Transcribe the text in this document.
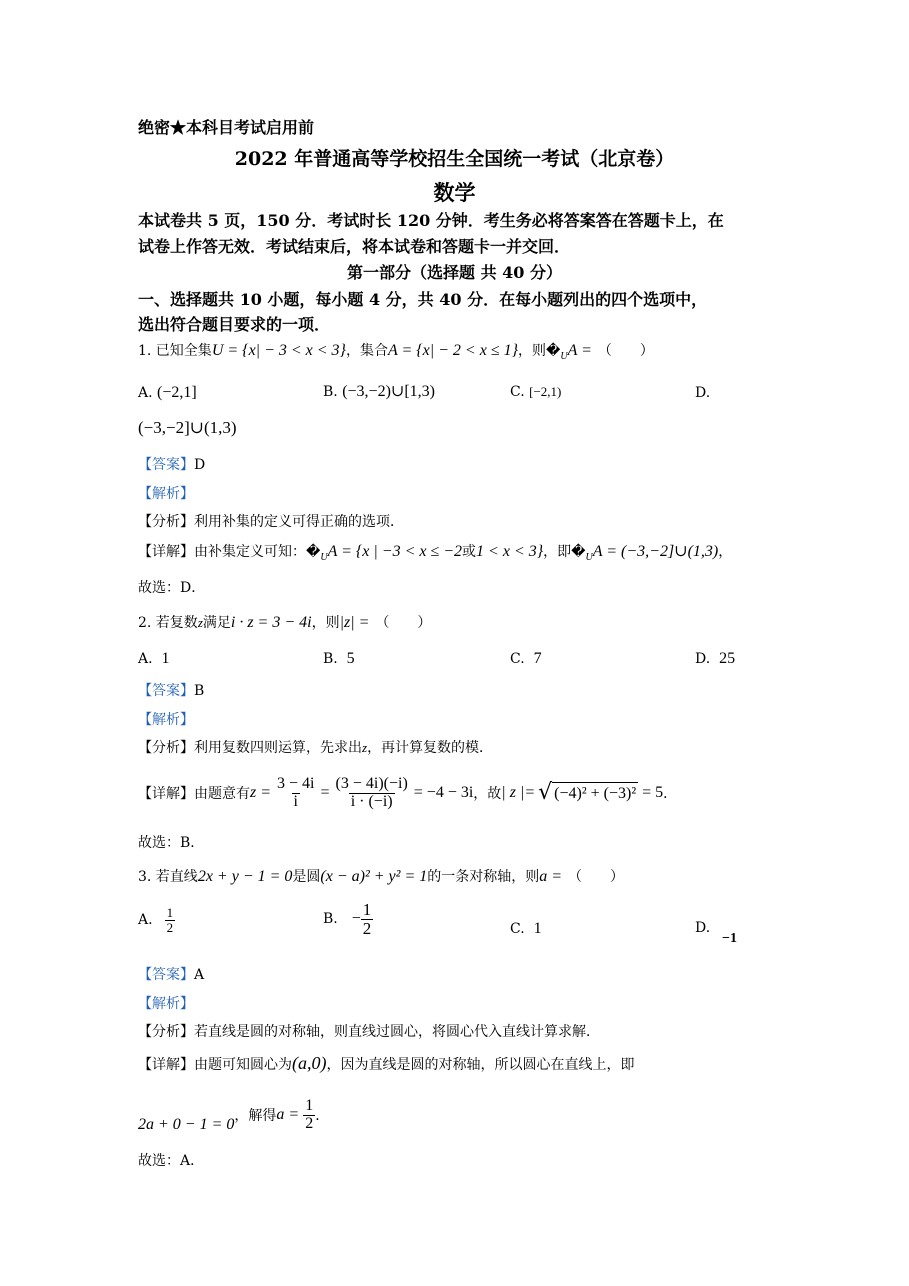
绝密★本科目考试启用前
2022 年普通高等学校招生全国统一考试（北京卷）
数学
本试卷共 5 页，150 分．考试时长 120 分钟．考生务必将答案答在答题卡上，在
试卷上作答无效．考试结束后，将本试卷和答题卡一并交回．
第一部分（选择题 共 40 分）
一、选择题共 10 小题，每小题 4 分，共 40 分．在每小题列出的四个选项中，
选出符合题目要求的一项．
1. 已知全集U = {x| − 3 < x < 3}，集合A = {x| − 2 < x ≤ 1}，则$�_UA$ = （　　）
A. (−2,1]	B. (−3,−2)∪[1,3)	C. [−2,1)	D.
(−3,−2]∪(1,3)
【答案】D
【解析】
【分析】利用补集的定义可得正确的选项．
【详解】由补集定义可知：$�_UA = \{x$ | −3 < x ≤ −2或1 < x < 3}，即$�_UA$ = (−3,−2]∪(1,3)，
故选：D．
2. 若复数z满足i · z = 3 − 4i，则|z| = （　　）
A. 1	B. 5	C. 7	D. 25
【答案】B
【解析】
【分析】利用复数四则运算，先求出z，再计算复数的模．
【详解】 由题意有 $z = \frac{3 - 4i}{i} = \frac{(3 - 4i)(-i)}{i \cdot (-i)} = -4 - 3i$ ，故 | z |= √ (−4)² + (−3)² = 5 ．
故选：B．
3. 若直线2x + y − 1 = 0是圆(x − a)² + y² = 1的一条对称轴，则a = （　　）
A. $\frac{1}{2}$	B. − $\frac{1}{2}$	C. 1	D.
−1
【答案】A
【解析】
【分析】若直线是圆的对称轴，则直线过圆心，将圆心代入直线计算求解．
【详解】由题可知圆心为(a,0)，因为直线是圆的对称轴，所以圆心在直线上，即
2a + 0 − 1 = 0 ，解得 $a = \frac{1}{2}$ ．
故选：A．
